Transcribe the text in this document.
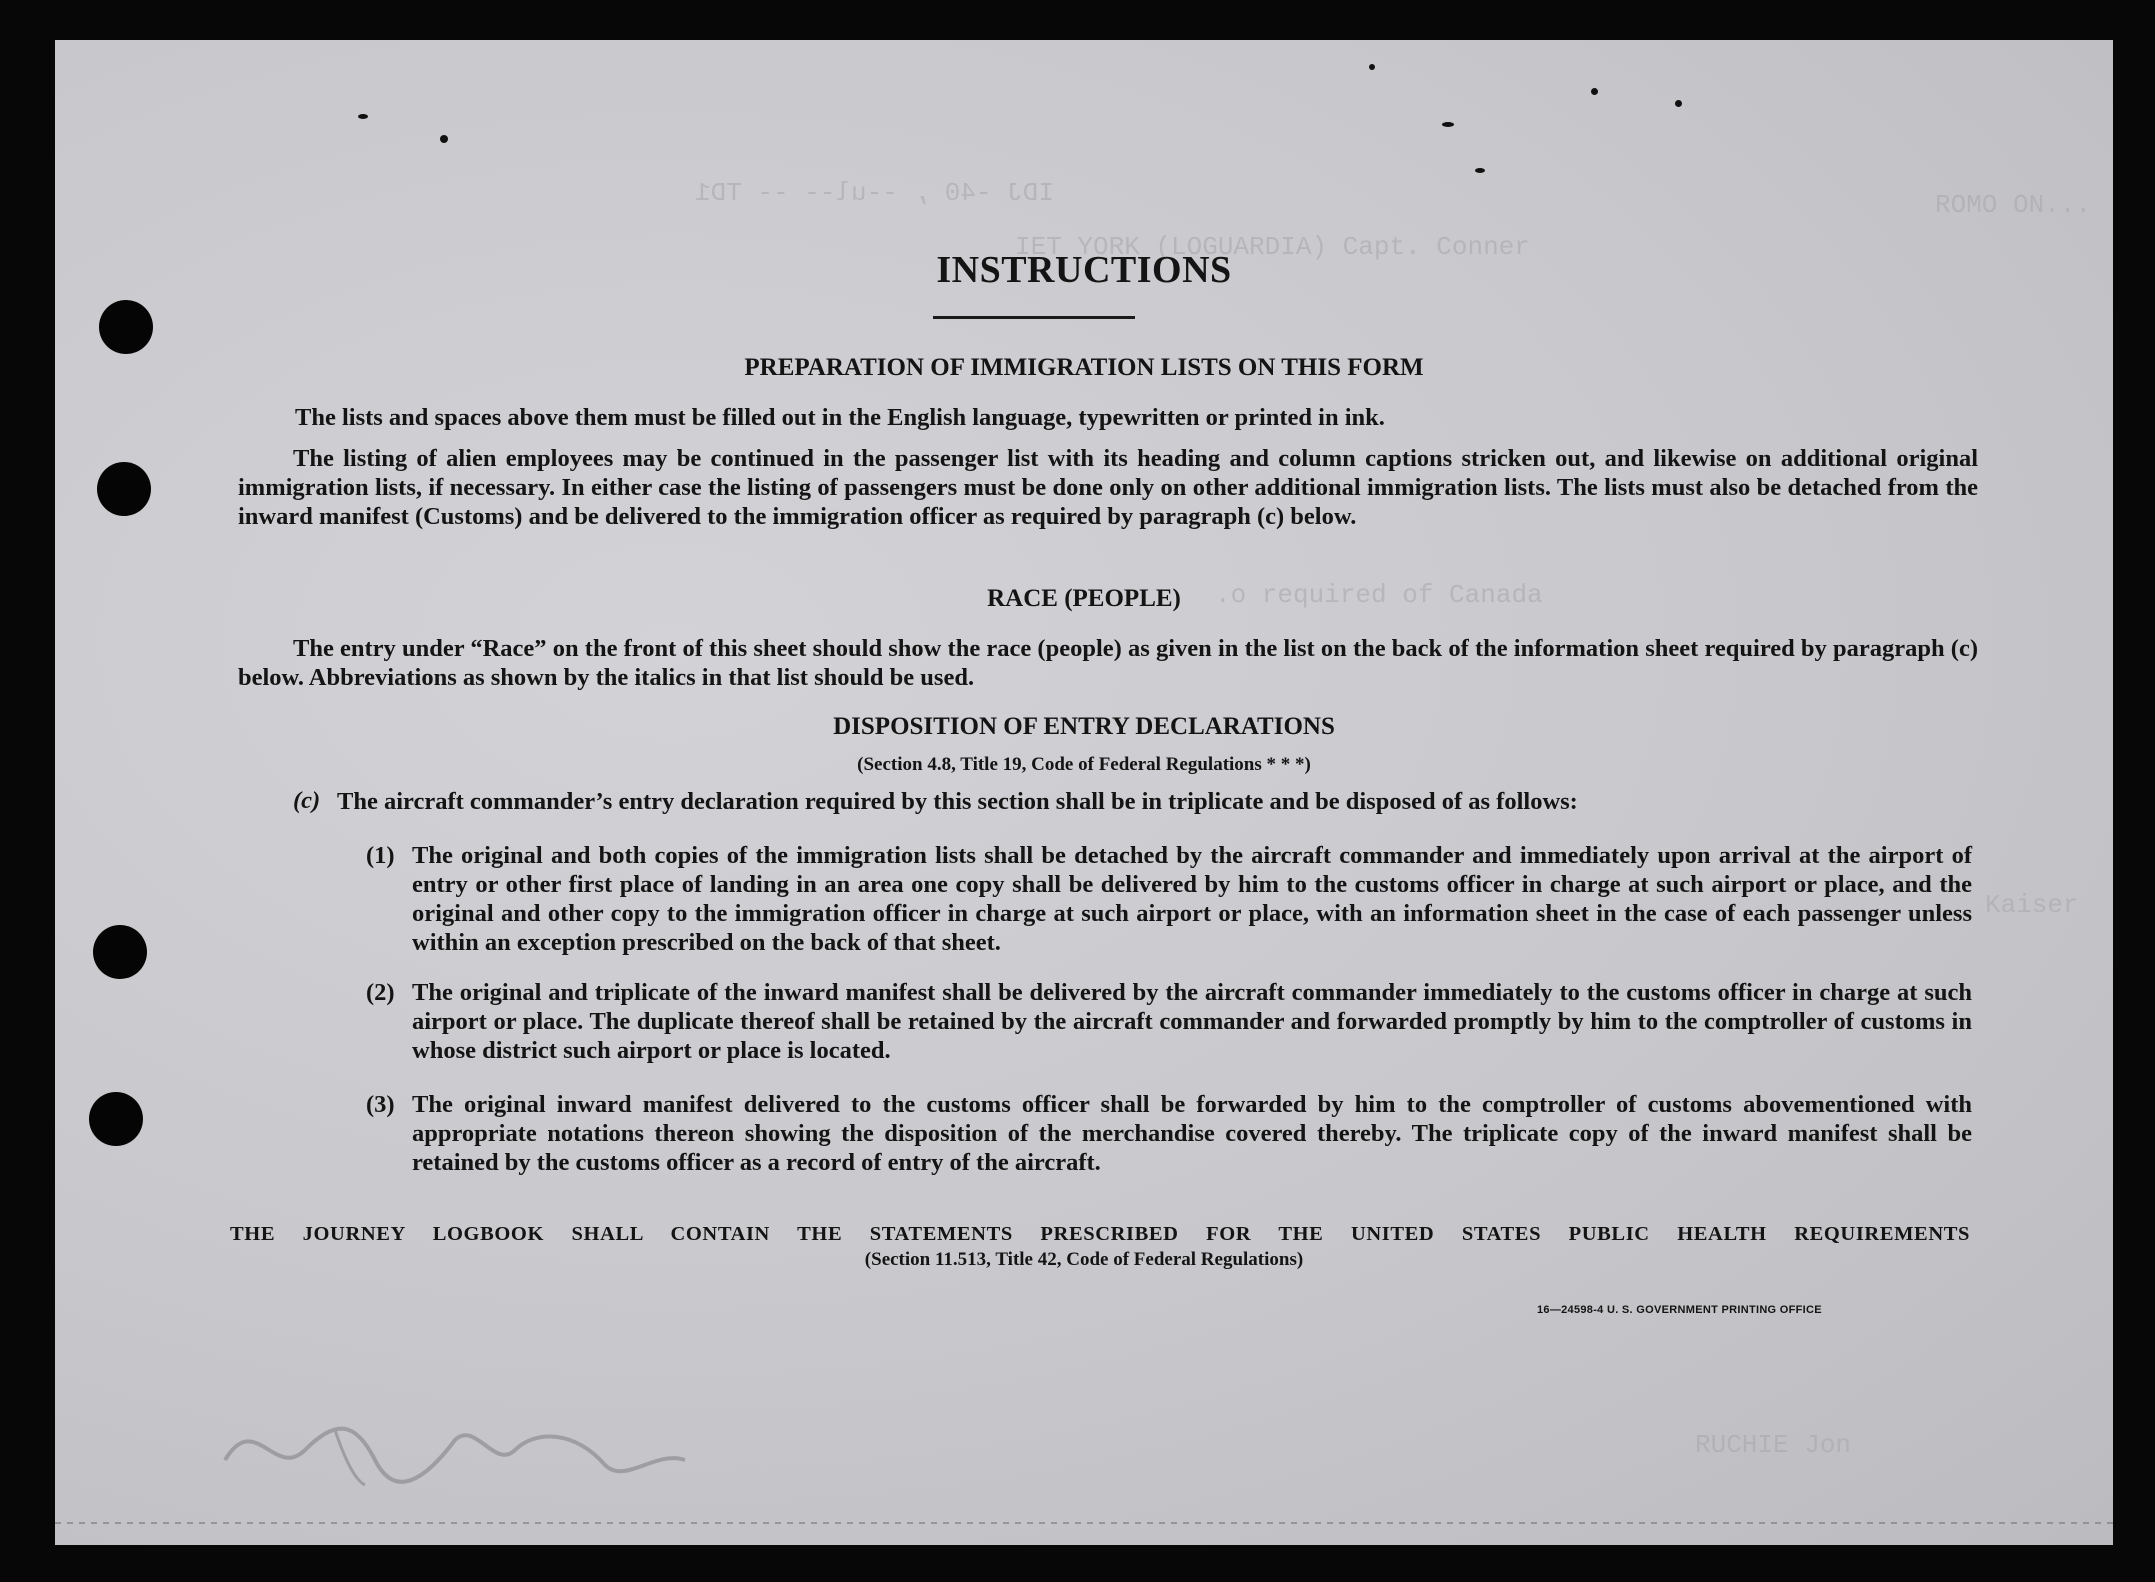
IDJ -40 , --ul-- -- TD1
IET YORK (LOGUARDIA) Capt. Conner
.o required of Canada
ROMO ON...
Kaiser
RUCHIE Jon
INSTRUCTIONS
PREPARATION OF IMMIGRATION LISTS ON THIS FORM
The lists and spaces above them must be filled out in the English language, typewritten or printed in ink.
The listing of alien employees may be continued in the passenger list with its heading and column captions stricken out, and likewise on additional original immigration lists, if necessary. In either case the listing of passengers must be done only on other additional immigration lists. The lists must also be detached from the inward manifest (Customs) and be delivered to the immigration officer as required by paragraph (c) below.
RACE (PEOPLE)
The entry under “Race” on the front of this sheet should show the race (people) as given in the list on the back of the information sheet required by paragraph (c) below. Abbreviations as shown by the italics in that list should be used.
DISPOSITION OF ENTRY DECLARATIONS
(Section 4.8, Title 19, Code of Federal Regulations * * *)
(c) The aircraft commander’s entry declaration required by this section shall be in triplicate and be disposed of as follows:
(1) The original and both copies of the immigration lists shall be detached by the aircraft commander and immediately upon arrival at the airport of entry or other first place of landing in an area one copy shall be delivered by him to the customs officer in charge at such airport or place, and the original and other copy to the immigration officer in charge at such airport or place, with an information sheet in the case of each passenger unless within an exception prescribed on the back of that sheet.
(2) The original and triplicate of the inward manifest shall be delivered by the aircraft commander immediately to the customs officer in charge at such airport or place. The duplicate thereof shall be retained by the aircraft commander and forwarded promptly by him to the comptroller of customs in whose district such airport or place is located.
(3) The original inward manifest delivered to the customs officer shall be forwarded by him to the comptroller of customs abovementioned with appropriate notations thereon showing the disposition of the merchandise covered thereby. The triplicate copy of the inward manifest shall be retained by the customs officer as a record of entry of the aircraft.
THE JOURNEY LOGBOOK SHALL CONTAIN THE STATEMENTS PRESCRIBED FOR THE UNITED STATES PUBLIC HEALTH REQUIREMENTS
(Section 11.513, Title 42, Code of Federal Regulations)
16—24598-4 U. S. GOVERNMENT PRINTING OFFICE
